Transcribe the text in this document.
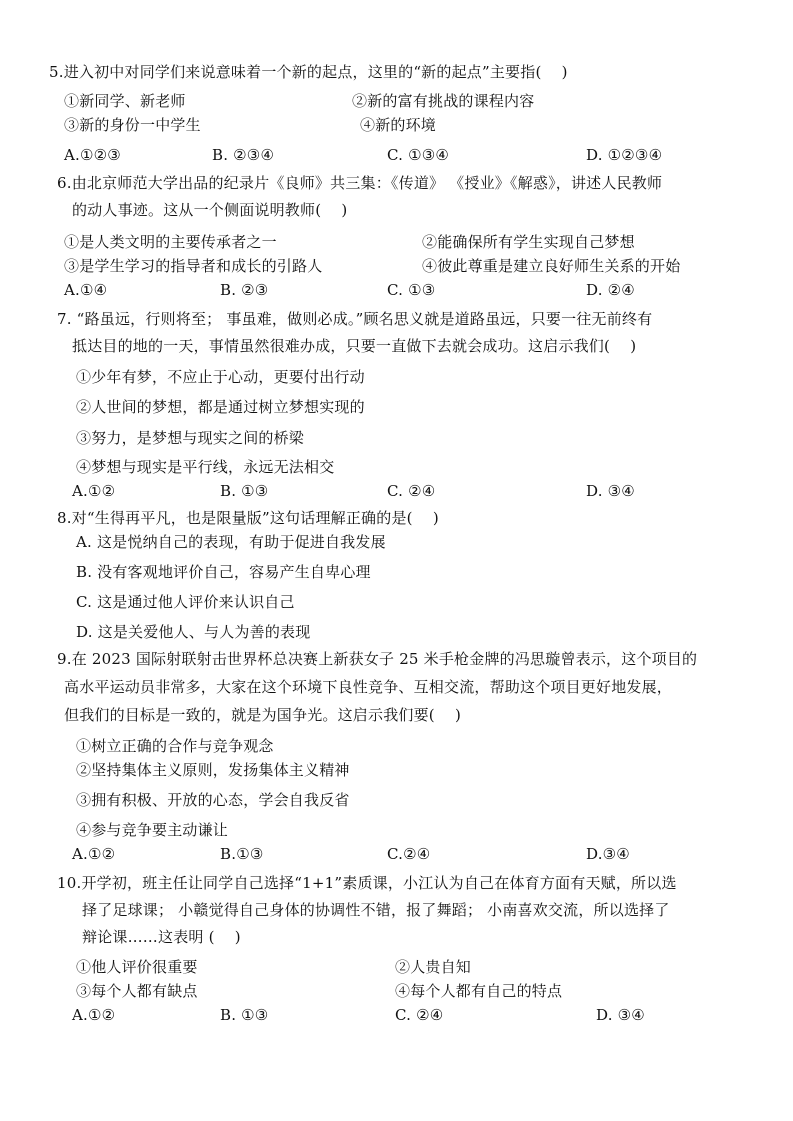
5.进入初中对同学们来说意味着一个新的起点，这里的“新的起点”主要指(　 )
①新同学、新老师	②新的富有挑战的课程内容
③新的身份一中学生	④新的环境
A.①②③	B. ②③④	C. ①③④	D. ①②③④
6.由北京师范大学出品的纪录片《良师》共三集：《传道》 《授业》《解惑》，讲述人民教师
的动人事迹。这从一个侧面说明教师(　 )
①是人类文明的主要传承者之一	②能确保所有学生实现自己梦想
③是学生学习的指导者和成长的引路人	④彼此尊重是建立良好师生关系的开始
A.①④	B. ②③	C. ①③	D. ②④
7. “路虽远，行则将至； 事虽难，做则必成。”顾名思义就是道路虽远，只要一往无前终有
抵达目的地的一天，事情虽然很难办成，只要一直做下去就会成功。这启示我们(　 )
①少年有梦，不应止于心动，更要付出行动
②人世间的梦想，都是通过树立梦想实现的
③努力，是梦想与现实之间的桥梁
④梦想与现实是平行线，永远无法相交
A.①②	B. ①③	C. ②④	D. ③④
8.对“生得再平凡，也是限量版”这句话理解正确的是(　 )
A. 这是悦纳自己的表现，有助于促进自我发展
B. 没有客观地评价自己，容易产生自卑心理
C. 这是通过他人评价来认识自己
D. 这是关爱他人、与人为善的表现
9.在 2023 国际射联射击世界杯总决赛上新获女子 25 米手枪金牌的冯思璇曾表示，这个项目的
高水平运动员非常多，大家在这个环境下良性竞争、互相交流，帮助这个项目更好地发展，
但我们的目标是一致的，就是为国争光。这启示我们要(　 )
①树立正确的合作与竞争观念
②坚持集体主义原则，发扬集体主义精神
③拥有积极、开放的心态，学会自我反省
④参与竞争要主动谦让
A.①②	B.①③	C.②④	D.③④
10.开学初，班主任让同学自己选择“1+1”素质课，小江认为自己在体育方面有天赋，所以选
择了足球课； 小赣觉得自己身体的协调性不错，报了舞蹈； 小南喜欢交流，所以选择了
辩论课……这表明 (　 )
①他人评价很重要	②人贵自知
③每个人都有缺点	④每个人都有自己的特点
A.①②	B. ①③	C. ②④	D. ③④
